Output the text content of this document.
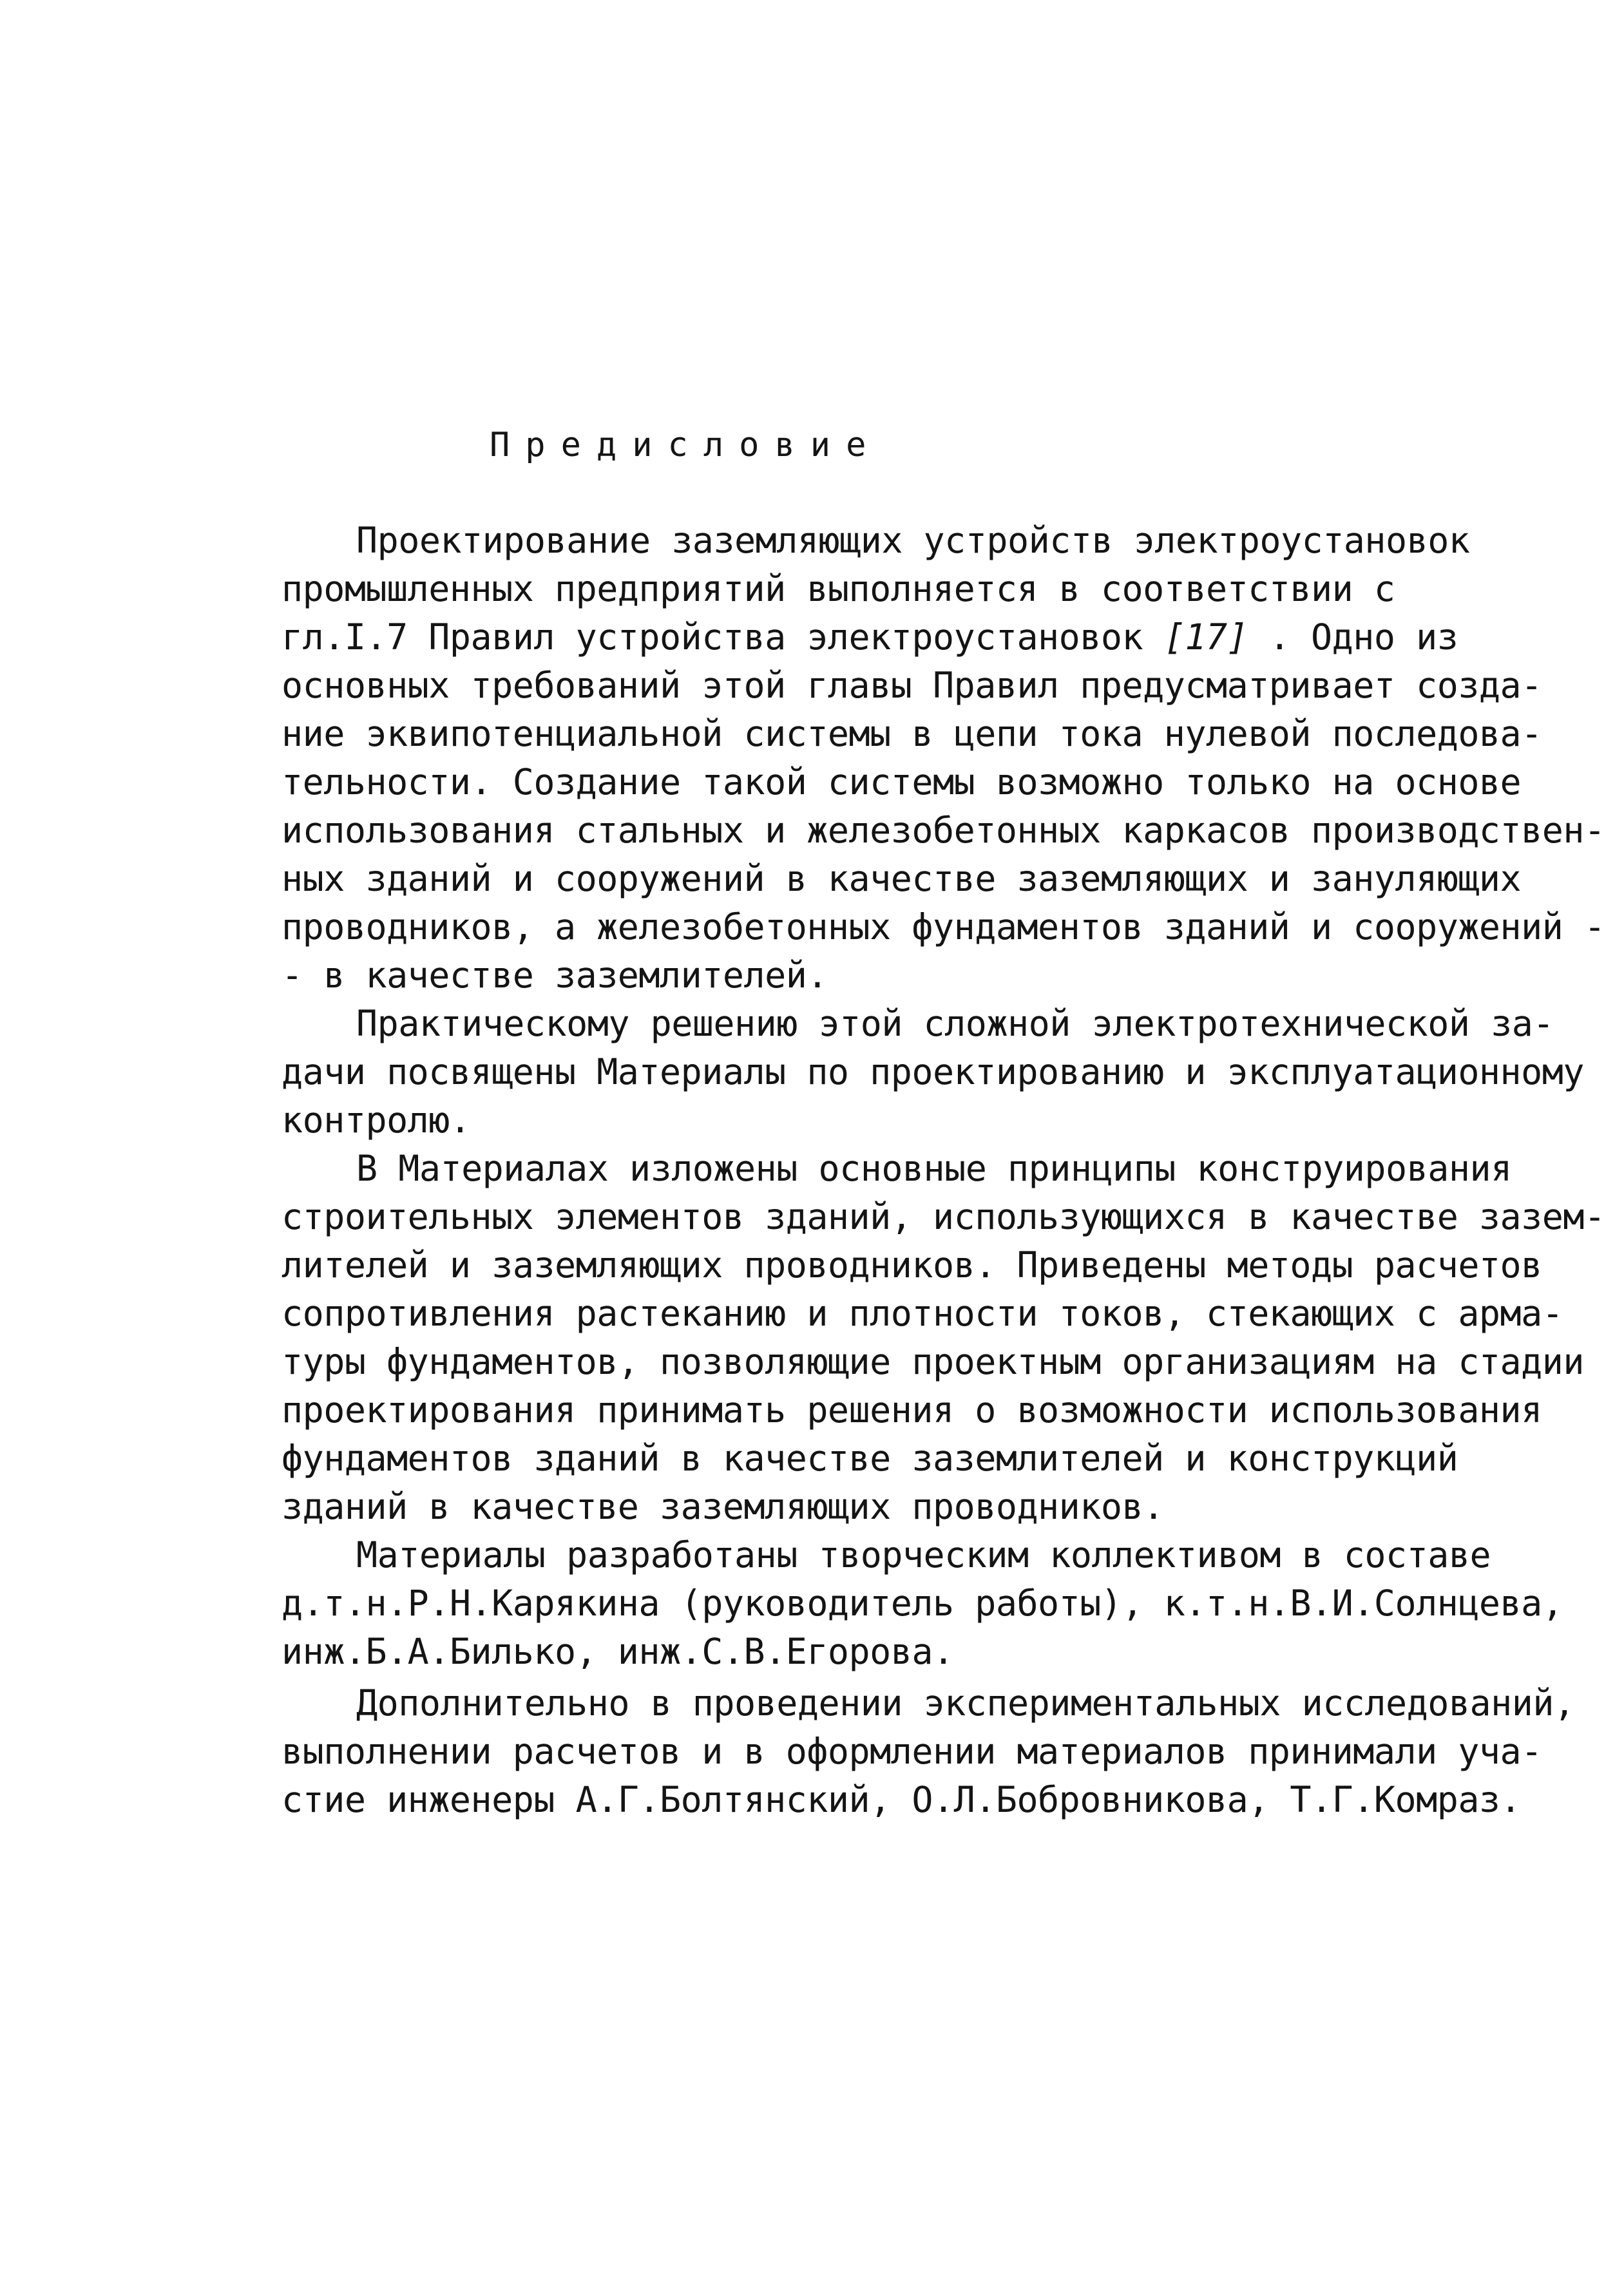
Предисловие
Проектирование заземляющих устройств электроустановок
промышленных предприятий выполняется в соответствии с
гл.I.7 Правил устройства электроустановок [17] . Одно из
основных требований этой главы Правил предусматривает созда-
ние эквипотенциальной системы в цепи тока нулевой последова-
тельности. Создание такой системы возможно только на основе
использования стальных и железобетонных каркасов производствен-
ных зданий и сооружений в качестве заземляющих и зануляющих
проводников, а железобетонных фундаментов зданий и сооружений -
- в качестве заземлителей.
Практическому решению этой сложной электротехнической за-
дачи посвящены Материалы по проектированию и эксплуатационному
контролю.
В Материалах изложены основные принципы конструирования
строительных элементов зданий, использующихся в качестве зазем-
лителей и заземляющих проводников. Приведены методы расчетов
сопротивления растеканию и плотности токов, стекающих с арма-
туры фундаментов, позволяющие проектным организациям на стадии
проектирования принимать решения о возможности использования
фундаментов зданий в качестве заземлителей и конструкций
зданий в качестве заземляющих проводников.
Материалы разработаны творческим коллективом в составе
д.т.н.Р.Н.Карякина (руководитель работы), к.т.н.В.И.Солнцева,
инж.Б.А.Билько, инж.С.В.Егорова.
Дополнительно в проведении экспериментальных исследований,
выполнении расчетов и в оформлении материалов принимали уча-
стие инженеры А.Г.Болтянский, О.Л.Бобровникова, Т.Г.Комраз.
